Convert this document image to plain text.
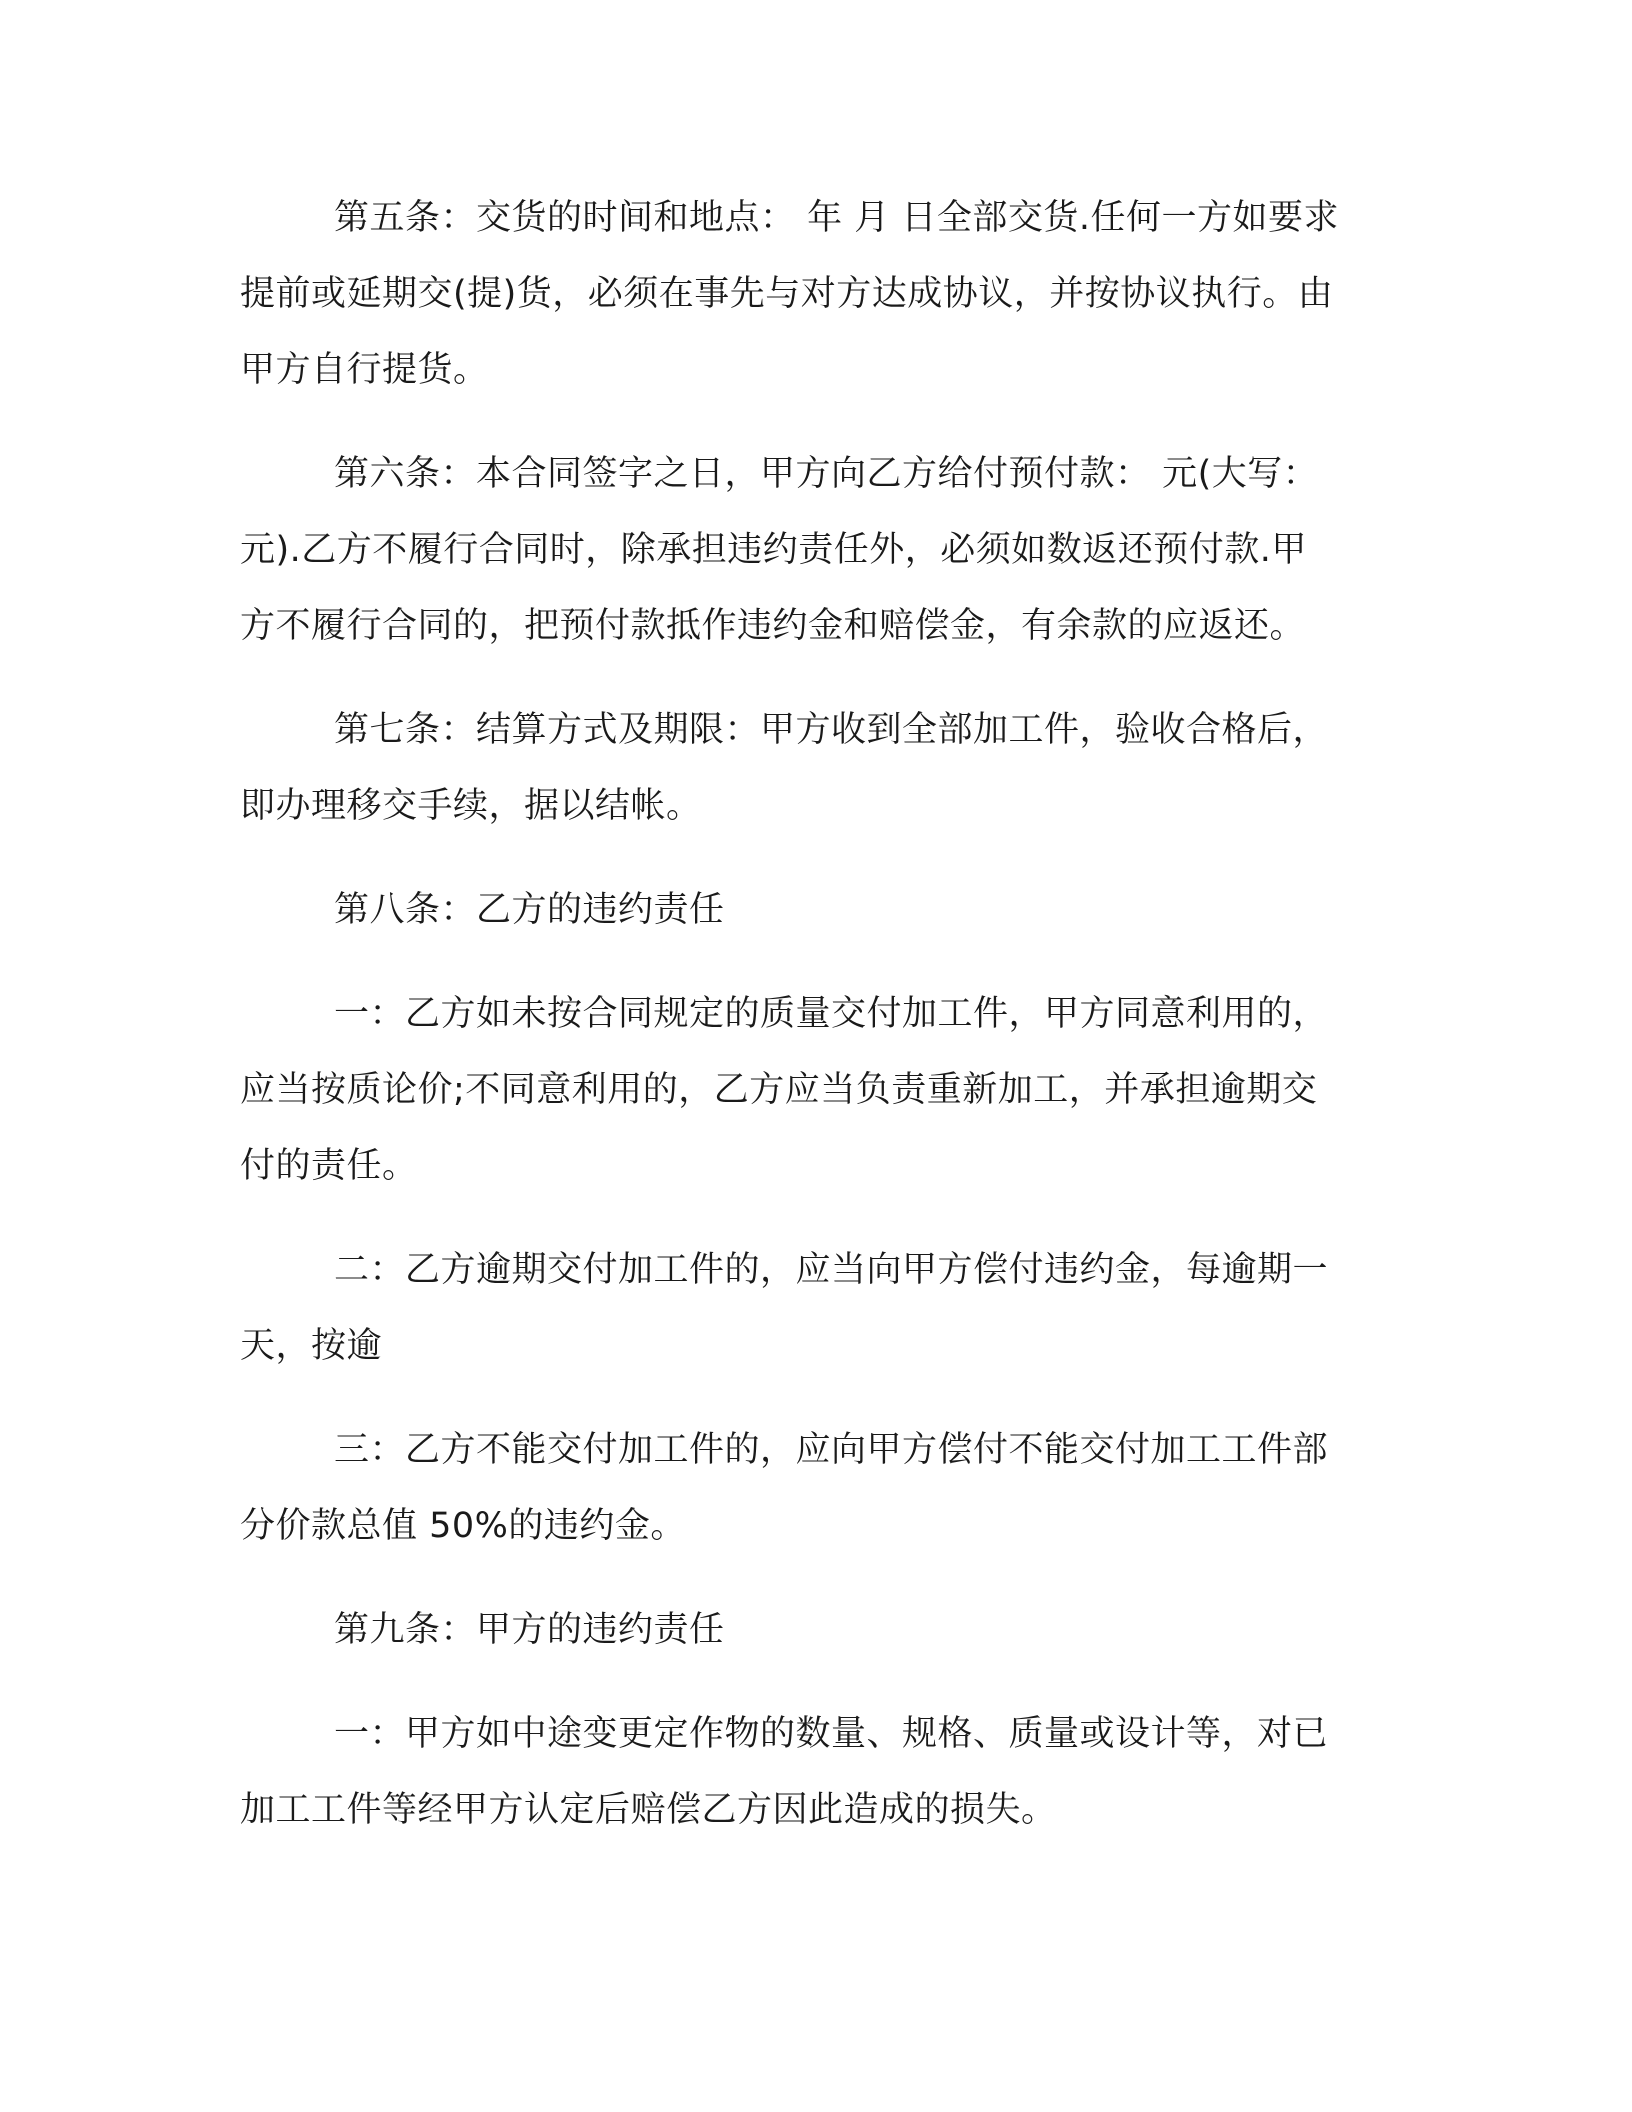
第五条：交货的时间和地点： 年 月 日全部交货.任何一方如要求
提前或延期交(提)货，必须在事先与对方达成协议，并按协议执行。由
甲方自行提货。
第六条：本合同签字之日，甲方向乙方给付预付款： 元(大写：
元).乙方不履行合同时，除承担违约责任外，必须如数返还预付款.甲
方不履行合同的，把预付款抵作违约金和赔偿金，有余款的应返还。
第七条：结算方式及期限：甲方收到全部加工件，验收合格后，
即办理移交手续，据以结帐。
第八条：乙方的违约责任
一：乙方如未按合同规定的质量交付加工件，甲方同意利用的，
应当按质论价;不同意利用的，乙方应当负责重新加工，并承担逾期交
付的责任。
二：乙方逾期交付加工件的，应当向甲方偿付违约金，每逾期一
天，按逾
三：乙方不能交付加工件的，应向甲方偿付不能交付加工工件部
分价款总值 50%的违约金。
第九条：甲方的违约责任
一：甲方如中途变更定作物的数量、规格、质量或设计等，对已
加工工件等经甲方认定后赔偿乙方因此造成的损失。
